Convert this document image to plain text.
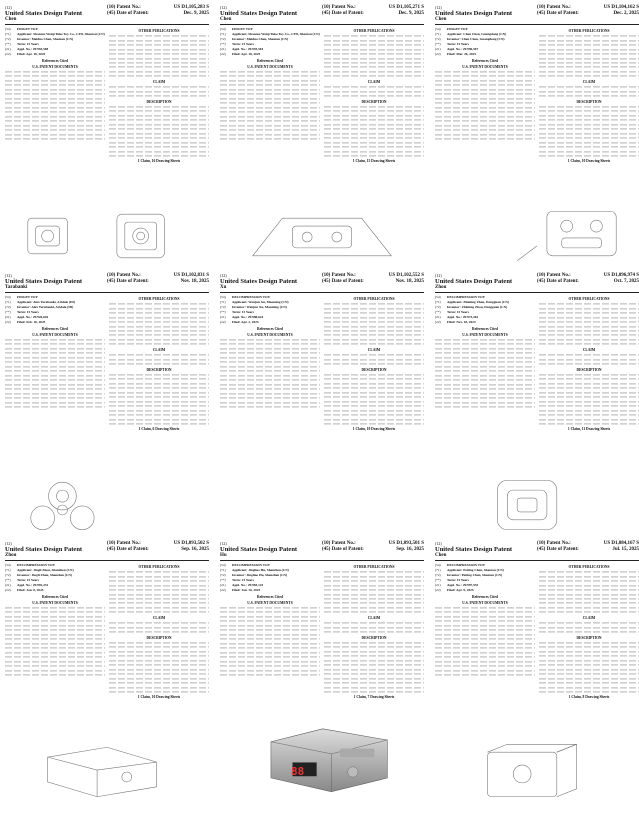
(12)
United States Design Patent
Chen
(10) Patent No.:	US D1,105,283 S
(45) Date of Patent:	Dec. 9, 2025
(54)	FIDGET TOY
(71)	Applicant: Shantou Weiqi Tuke Toy Co., LTD, Shantou (CN)
(72)	Inventor: Meiduo Chen, Shantou (CN)
(**)	Term: 15 Years
(21)	Appl. No.: 29/993,508
(22)	Filed: Apr. 18, 2025
References Cited
U.S. PATENT DOCUMENTS
OTHER PUBLICATIONS
CLAIM
DESCRIPTION
1 Claim, 16 Drawing Sheets
(12)
United States Design Patent
Chen
(10) Patent No.:	US D1,105,271 S
(45) Date of Patent:	Dec. 9, 2025
(54)	FIDGET TOY
(71)	Applicant: Shantou Weiqi Tuke Toy Co., LTD, Shantou (CN)
(72)	Inventor: Meiduo Chen, Shantou (CN)
(**)	Term: 15 Years
(21)	Appl. No.: 29/993,504
(22)	Filed: Apr. 18, 2025
References Cited
U.S. PATENT DOCUMENTS
OTHER PUBLICATIONS
CLAIM
DESCRIPTION
1 Claim, 15 Drawing Sheets
(12)
United States Design Patent
Chen
(10) Patent No.:	US D1,104,162 S
(45) Date of Patent:	Dec. 2, 2025
(54)	FIDGET TOY
(71)	Applicant: Chen Chen, Guangdong (CN)
(72)	Inventor: Chen Chen, Guangdong (CN)
(**)	Term: 15 Years
(21)	Appl. No.: 29/996,507
(22)	Filed: Mar. 26, 2025
References Cited
U.S. PATENT DOCUMENTS
OTHER PUBLICATIONS
CLAIM
DESCRIPTION
1 Claim, 10 Drawing Sheets
(12)
United States Design Patent
Tarabanki
(10) Patent No.:	US D1,102,831 S
(45) Date of Patent:	Nov. 18, 2025
(54)	FIDGET TOY
(71)	Applicant: Alex Tarabanki, Aridale (ID)
(72)	Inventor: Alex Tarabanki, Aridale (ID)
(**)	Term: 15 Years
(21)	Appl. No.: 29/926,626
(22)	Filed: Feb. 16, 2025
References Cited
U.S. PATENT DOCUMENTS
OTHER PUBLICATIONS
CLAIM
DESCRIPTION
1 Claim, 6 Drawing Sheets
(12)
United States Design Patent
Xu
(10) Patent No.:	US D1,102,552 S
(45) Date of Patent:	Nov. 18, 2025
(54)	DECOMPRESSION TOY
(71)	Applicant: Wenjun Xu, Maoming (CN)
(72)	Inventor: Wenjun Xu, Maoming (CN)
(**)	Term: 15 Years
(21)	Appl. No.: 29/988,624
(22)	Filed: Apr. 2, 2025
References Cited
U.S. PATENT DOCUMENTS
OTHER PUBLICATIONS
CLAIM
DESCRIPTION
1 Claim, 10 Drawing Sheets
(12)
United States Design Patent
Zhou
(10) Patent No.:	US D1,096,974 S
(45) Date of Patent:	Oct. 7, 2025
(54)	DECOMPRESSION TOY
(71)	Applicant: Zhiming Zhou, Dongguan (CN)
(72)	Inventor: Zhiming Zhou, Dongguan (CN)
(**)	Term: 15 Years
(21)	Appl. No.: 29/973,262
(22)	Filed: Nov. 18, 2024
References Cited
U.S. PATENT DOCUMENTS
OTHER PUBLICATIONS
CLAIM
DESCRIPTION
1 Claim, 11 Drawing Sheets
(12)
United States Design Patent
Zhou
(10) Patent No.:	US D1,093,502 S
(45) Date of Patent:	Sep. 16, 2025
(54)	DECOMPRESSION TOY
(71)	Applicant: Jingli Zhou, Shenzhen (CN)
(72)	Inventor: Jingli Zhou, Shenzhen (CN)
(**)	Term: 15 Years
(21)	Appl. No.: 29/992,232
(22)	Filed: Jan. 8, 2025
References Cited
U.S. PATENT DOCUMENTS
OTHER PUBLICATIONS
CLAIM
DESCRIPTION
1 Claim, 10 Drawing Sheets
(12)
United States Design Patent
Hu
(10) Patent No.:	US D1,093,501 S
(45) Date of Patent:	Sep. 16, 2025
(54)	DECOMPRESSION TOY
(71)	Applicant: Jingliao Hu, Shenzhen (CN)
(72)	Inventor: Jingliao Hu, Shenzhen (CN)
(**)	Term: 15 Years
(21)	Appl. No.: 29/983,125
(22)	Filed: Jan. 10, 2025
References Cited
U.S. PATENT DOCUMENTS
OTHER PUBLICATIONS
CLAIM
DESCRIPTION
1 Claim, 7 Drawing Sheets
88
(12)
United States Design Patent
Chen
(10) Patent No.:	US D1,084,167 S
(45) Date of Patent:	Jul. 15, 2025
(54)	DECOMPRESSION TOY
(71)	Applicant: Peiting Chen, Shantou (CN)
(72)	Inventor: Peiting Chen, Shantou (CN)
(**)	Term: 15 Years
(21)	Appl. No.: 29/997,535
(22)	Filed: Apr. 9, 2025
References Cited
U.S. PATENT DOCUMENTS
OTHER PUBLICATIONS
CLAIM
DESCRIPTION
1 Claim, 8 Drawing Sheets
